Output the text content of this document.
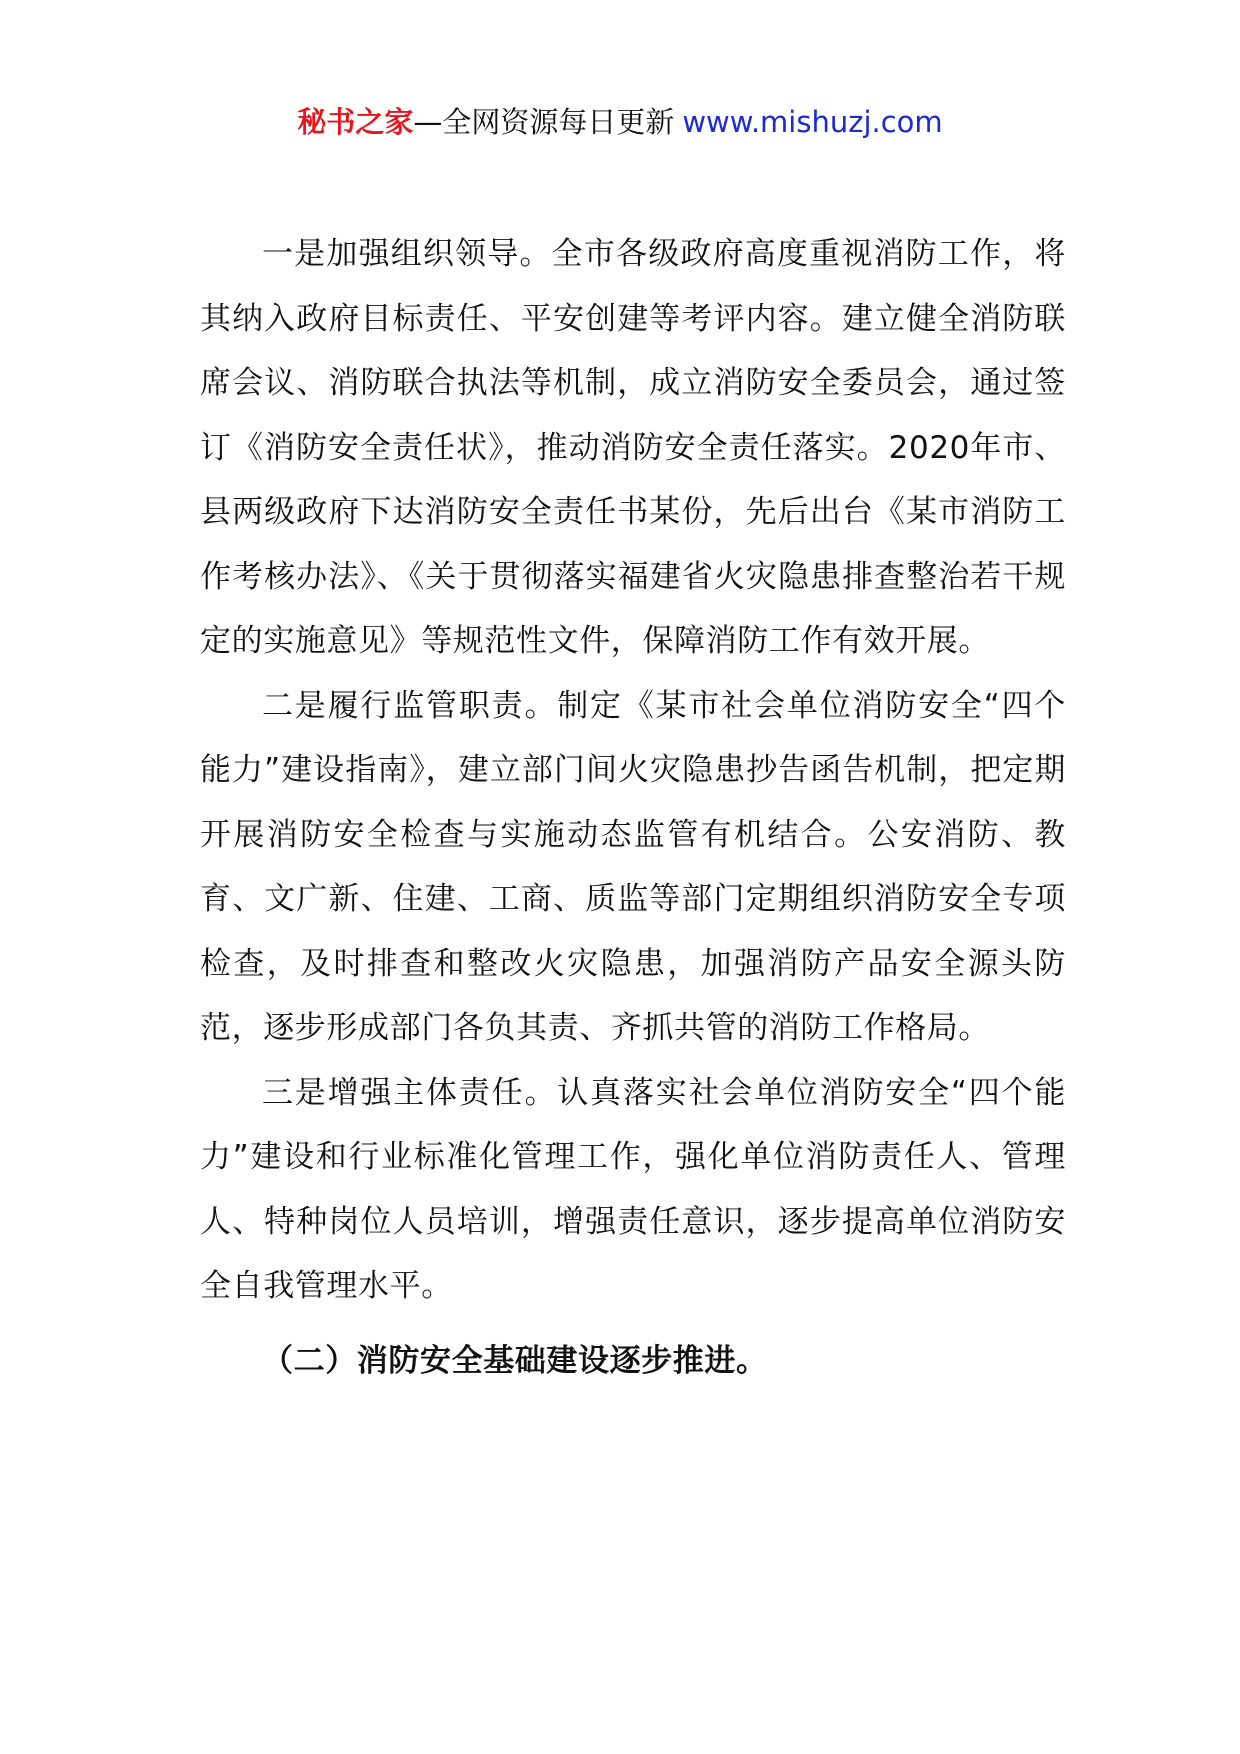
秘书之家—全网资源每日更新 www.mishuzj.com

一是加强组织领导。全市各级政府高度重视消防工作，将其纳入政府目标责任、平安创建等考评内容。建立健全消防联席会议、消防联合执法等机制，成立消防安全委员会，通过签订《消防安全责任状》，推动消防安全责任落实。2020年市、县两级政府下达消防安全责任书某份，先后出台《某市消防工作考核办法》、《关于贯彻落实福建省火灾隐患排查整治若干规定的实施意见》等规范性文件，保障消防工作有效开展。

二是履行监管职责。制定《某市社会单位消防安全“四个能力”建设指南》，建立部门间火灾隐患抄告函告机制，把定期开展消防安全检查与实施动态监管有机结合。公安消防、教育、文广新、住建、工商、质监等部门定期组织消防安全专项检查，及时排查和整改火灾隐患，加强消防产品安全源头防范，逐步形成部门各负其责、齐抓共管的消防工作格局。

三是增强主体责任。认真落实社会单位消防安全“四个能力”建设和行业标准化管理工作，强化单位消防责任人、管理人、特种岗位人员培训，增强责任意识，逐步提高单位消防安全自我管理水平。

（二）消防安全基础建设逐步推进。
